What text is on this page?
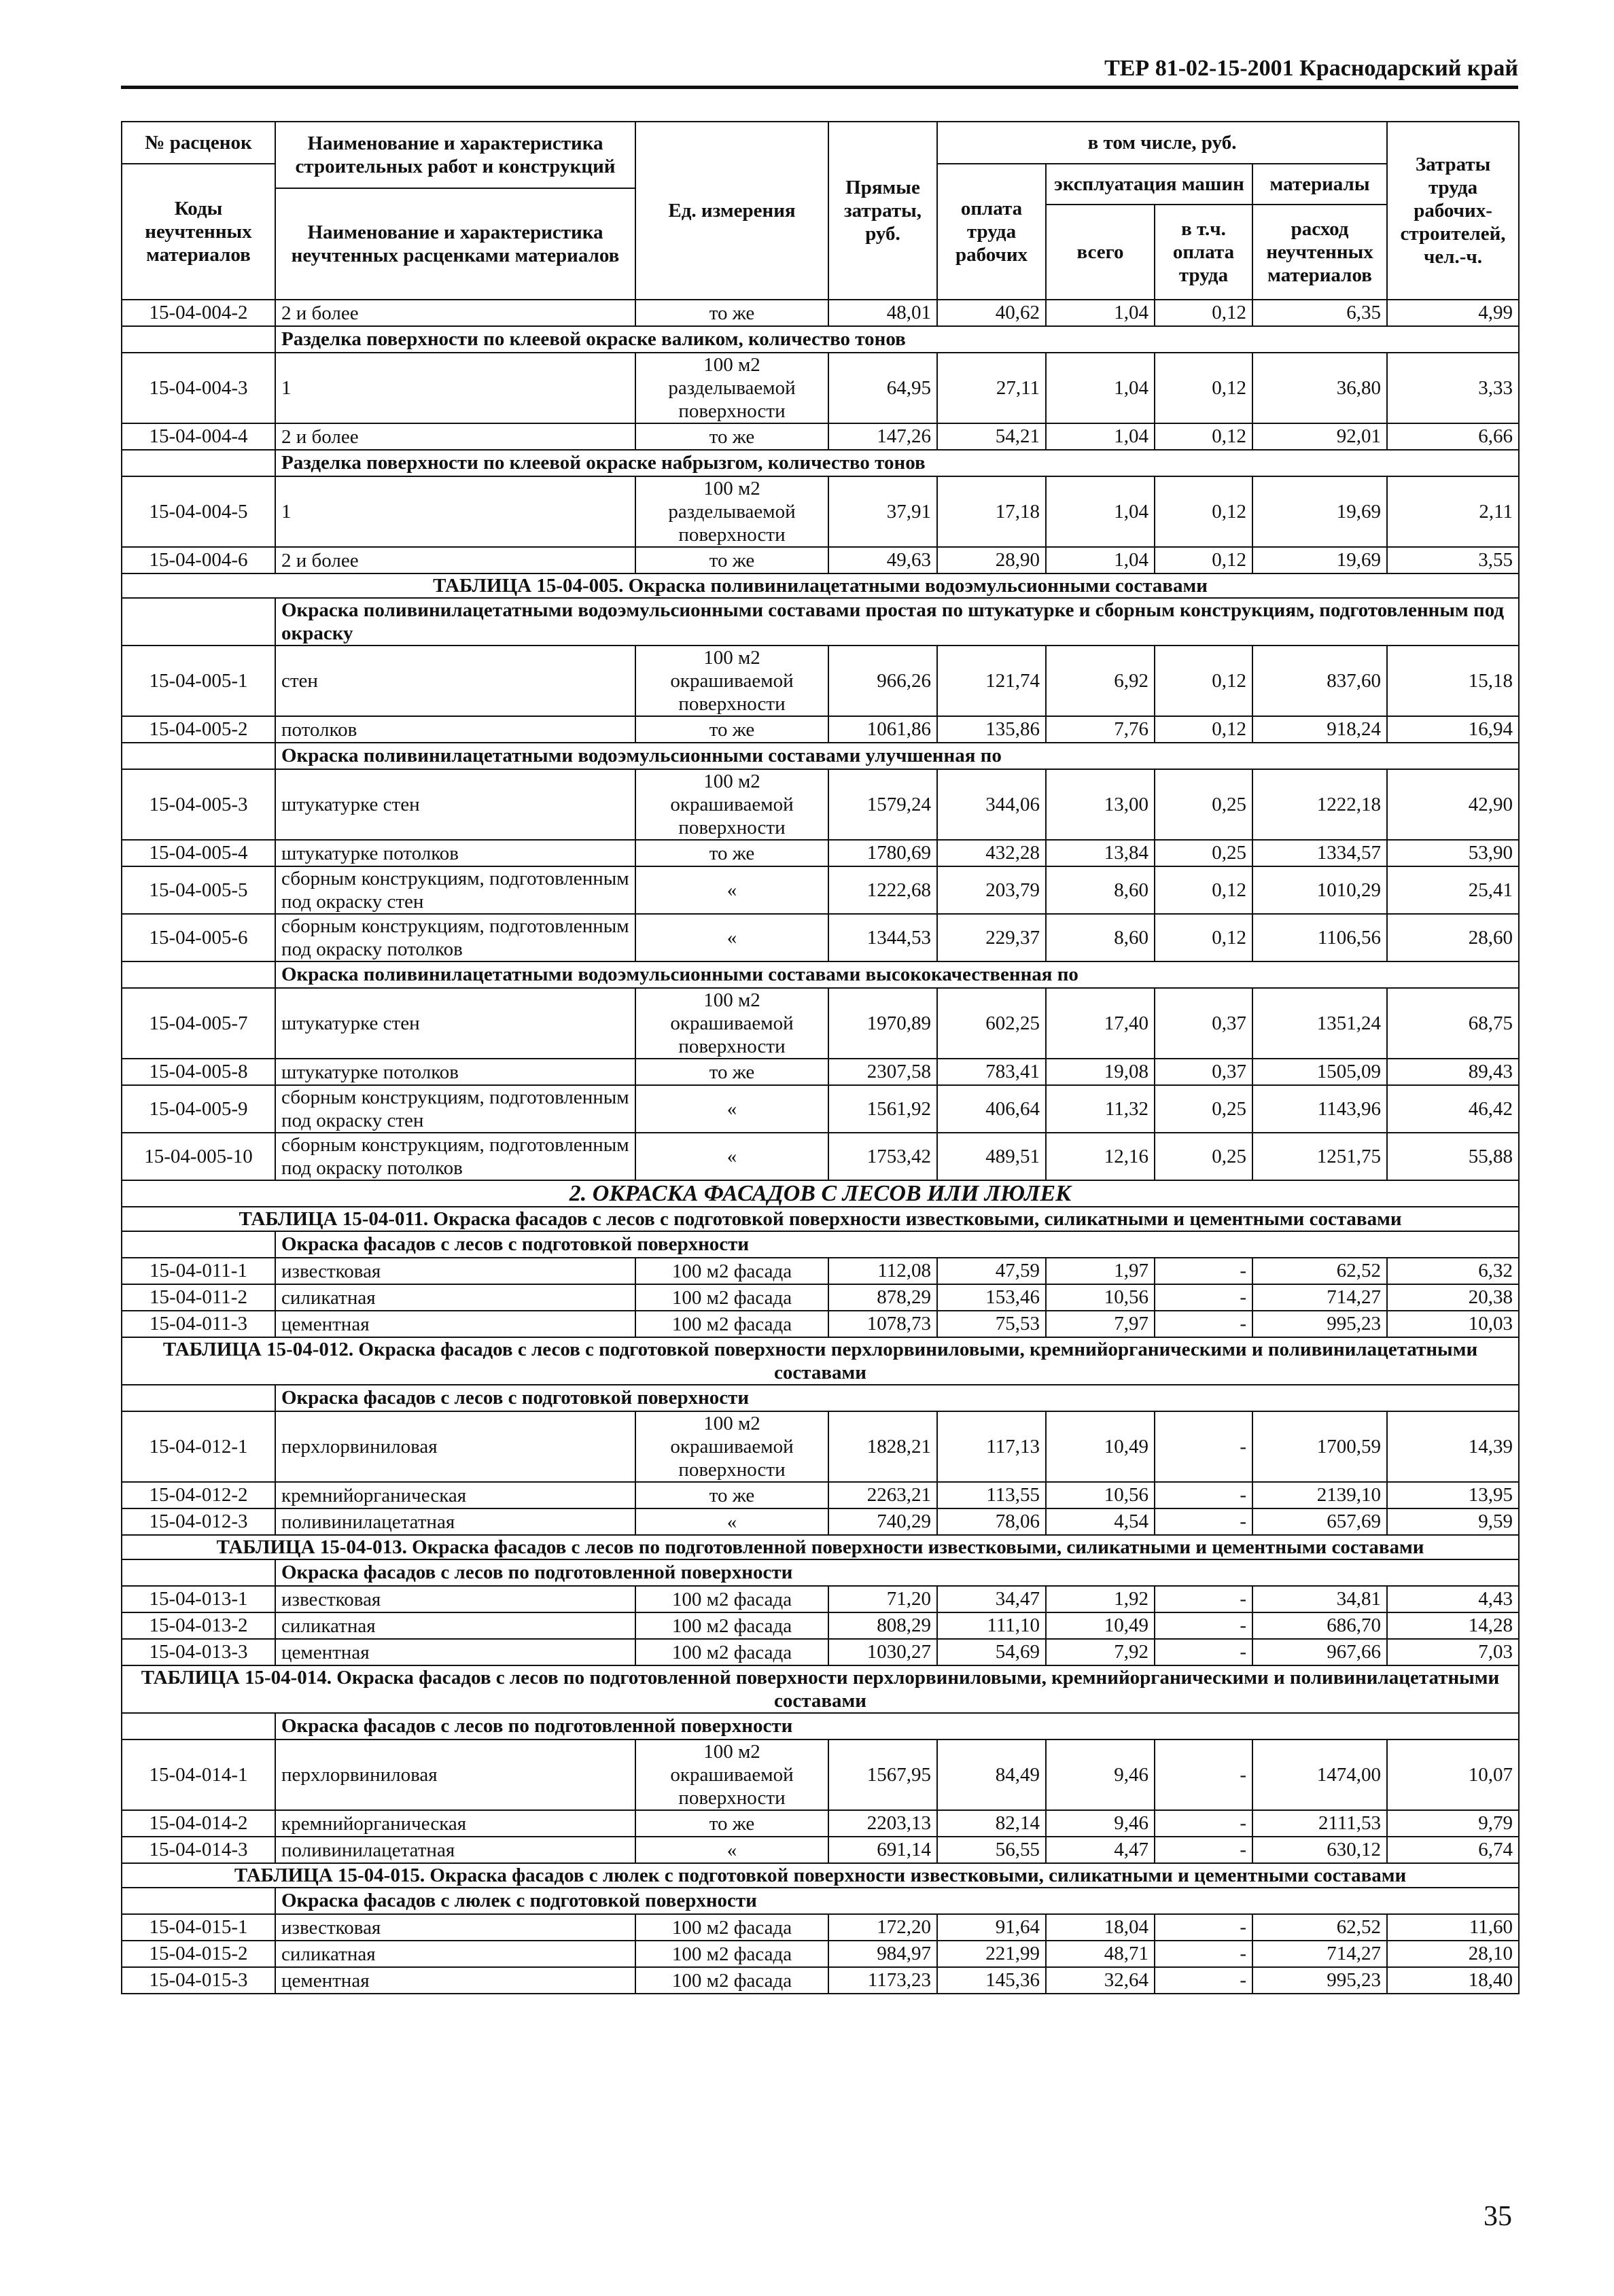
ТЕР 81-02-15-2001 Краснодарский край
№ расценок	Наименование и характеристика строительных работ и конструкций	Ед. измерения	Прямые затраты, руб.	в том числе, руб.				Затраты труда рабочих-строителей, чел.-ч.
Коды неучтенных материалов				оплата труда рабочих	эксплуатация машин		материалы	
	Наименование и характеристика неучтенных расценками материалов							
					всего	в т.ч. оплата труда	расход неучтенных материалов	
15-04-004-2	2 и более	то же	48,01	40,62	1,04	0,12	6,35	4,99
	Разделка поверхности по клеевой окраске валиком, количество тонов							
15-04-004-3	1	100 м2 разделываемой поверхности	64,95	27,11	1,04	0,12	36,80	3,33
15-04-004-4	2 и более	то же	147,26	54,21	1,04	0,12	92,01	6,66
	Разделка поверхности по клеевой окраске набрызгом, количество тонов							
15-04-004-5	1	100 м2 разделываемой поверхности	37,91	17,18	1,04	0,12	19,69	2,11
15-04-004-6	2 и более	то же	49,63	28,90	1,04	0,12	19,69	3,55
ТАБЛИЦА 15-04-005. Окраска поливинилацетатными водоэмульсионными составами								
	Окраска поливинилацетатными водоэмульсионными составами простая по штукатурке и сборным конструкциям, подготовленным под окраску							
15-04-005-1	стен	100 м2 окрашиваемой поверхности	966,26	121,74	6,92	0,12	837,60	15,18
15-04-005-2	потолков	то же	1061,86	135,86	7,76	0,12	918,24	16,94
	Окраска поливинилацетатными водоэмульсионными составами улучшенная по							
15-04-005-3	штукатурке стен	100 м2 окрашиваемой поверхности	1579,24	344,06	13,00	0,25	1222,18	42,90
15-04-005-4	штукатурке потолков	то же	1780,69	432,28	13,84	0,25	1334,57	53,90
15-04-005-5	сборным конструкциям, подготовленным под окраску стен	«	1222,68	203,79	8,60	0,12	1010,29	25,41
15-04-005-6	сборным конструкциям, подготовленным под окраску потолков	«	1344,53	229,37	8,60	0,12	1106,56	28,60
	Окраска поливинилацетатными водоэмульсионными составами высококачественная по							
15-04-005-7	штукатурке стен	100 м2 окрашиваемой поверхности	1970,89	602,25	17,40	0,37	1351,24	68,75
15-04-005-8	штукатурке потолков	то же	2307,58	783,41	19,08	0,37	1505,09	89,43
15-04-005-9	сборным конструкциям, подготовленным под окраску стен	«	1561,92	406,64	11,32	0,25	1143,96	46,42
15-04-005-10	сборным конструкциям, подготовленным под окраску потолков	«	1753,42	489,51	12,16	0,25	1251,75	55,88
2. ОКРАСКА ФАСАДОВ С ЛЕСОВ ИЛИ ЛЮЛЕК								
ТАБЛИЦА 15-04-011. Окраска фасадов с лесов с подготовкой поверхности известковыми, силикатными и цементными составами								
	Окраска фасадов с лесов с подготовкой поверхности							
15-04-011-1	известковая	100 м2 фасада	112,08	47,59	1,97	-	62,52	6,32
15-04-011-2	силикатная	100 м2 фасада	878,29	153,46	10,56	-	714,27	20,38
15-04-011-3	цементная	100 м2 фасада	1078,73	75,53	7,97	-	995,23	10,03
ТАБЛИЦА 15-04-012. Окраска фасадов с лесов с подготовкой поверхности перхлорвиниловыми, кремнийорганическими и поливинилацетатными составами								
	Окраска фасадов с лесов с подготовкой поверхности							
15-04-012-1	перхлорвиниловая	100 м2 окрашиваемой поверхности	1828,21	117,13	10,49	-	1700,59	14,39
15-04-012-2	кремнийорганическая	то же	2263,21	113,55	10,56	-	2139,10	13,95
15-04-012-3	поливинилацетатная	«	740,29	78,06	4,54	-	657,69	9,59
ТАБЛИЦА 15-04-013. Окраска фасадов с лесов по подготовленной поверхности известковыми, силикатными и цементными составами								
	Окраска фасадов с лесов по подготовленной поверхности							
15-04-013-1	известковая	100 м2 фасада	71,20	34,47	1,92	-	34,81	4,43
15-04-013-2	силикатная	100 м2 фасада	808,29	111,10	10,49	-	686,70	14,28
15-04-013-3	цементная	100 м2 фасада	1030,27	54,69	7,92	-	967,66	7,03
ТАБЛИЦА 15-04-014. Окраска фасадов с лесов по подготовленной поверхности перхлорвиниловыми, кремнийорганическими и поливинилацетатными составами								
	Окраска фасадов с лесов по подготовленной поверхности							
15-04-014-1	перхлорвиниловая	100 м2 окрашиваемой поверхности	1567,95	84,49	9,46	-	1474,00	10,07
15-04-014-2	кремнийорганическая	то же	2203,13	82,14	9,46	-	2111,53	9,79
15-04-014-3	поливинилацетатная	«	691,14	56,55	4,47	-	630,12	6,74
ТАБЛИЦА 15-04-015. Окраска фасадов с люлек с подготовкой поверхности известковыми, силикатными и цементными составами								
	Окраска фасадов с люлек с подготовкой поверхности							
15-04-015-1	известковая	100 м2 фасада	172,20	91,64	18,04	-	62,52	11,60
15-04-015-2	силикатная	100 м2 фасада	984,97	221,99	48,71	-	714,27	28,10
15-04-015-3	цементная	100 м2 фасада	1173,23	145,36	32,64	-	995,23	18,40
35
